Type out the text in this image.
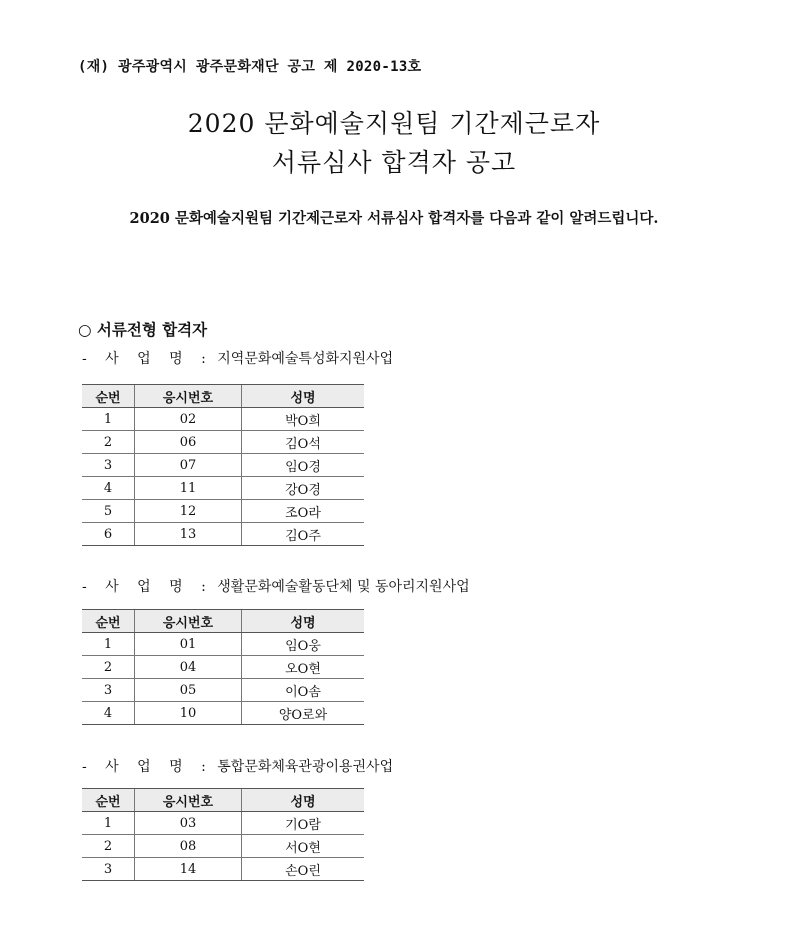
(재) 광주광역시 광주문화재단 공고 제 2020-13호
2020 문화예술지원팀 기간제근로자
서류심사 합격자 공고
2020 문화예술지원팀 기간제근로자 서류심사 합격자를 다음과 같이 알려드립니다.
○ 서류전형 합격자
- 사 업 명 : 지역문화예술특성화지원사업
순번	응시번호	성명
1	02	박O희
2	06	김O석
3	07	임O경
4	11	강O경
5	12	조O라
6	13	김O주
- 사 업 명 : 생활문화예술활동단체 및 동아리지원사업
순번	응시번호	성명
1	01	임O웅
2	04	오O현
3	05	이O솜
4	10	양O로와
- 사 업 명 : 통합문화체육관광이용권사업
순번	응시번호	성명
1	03	기O람
2	08	서O현
3	14	손O린
